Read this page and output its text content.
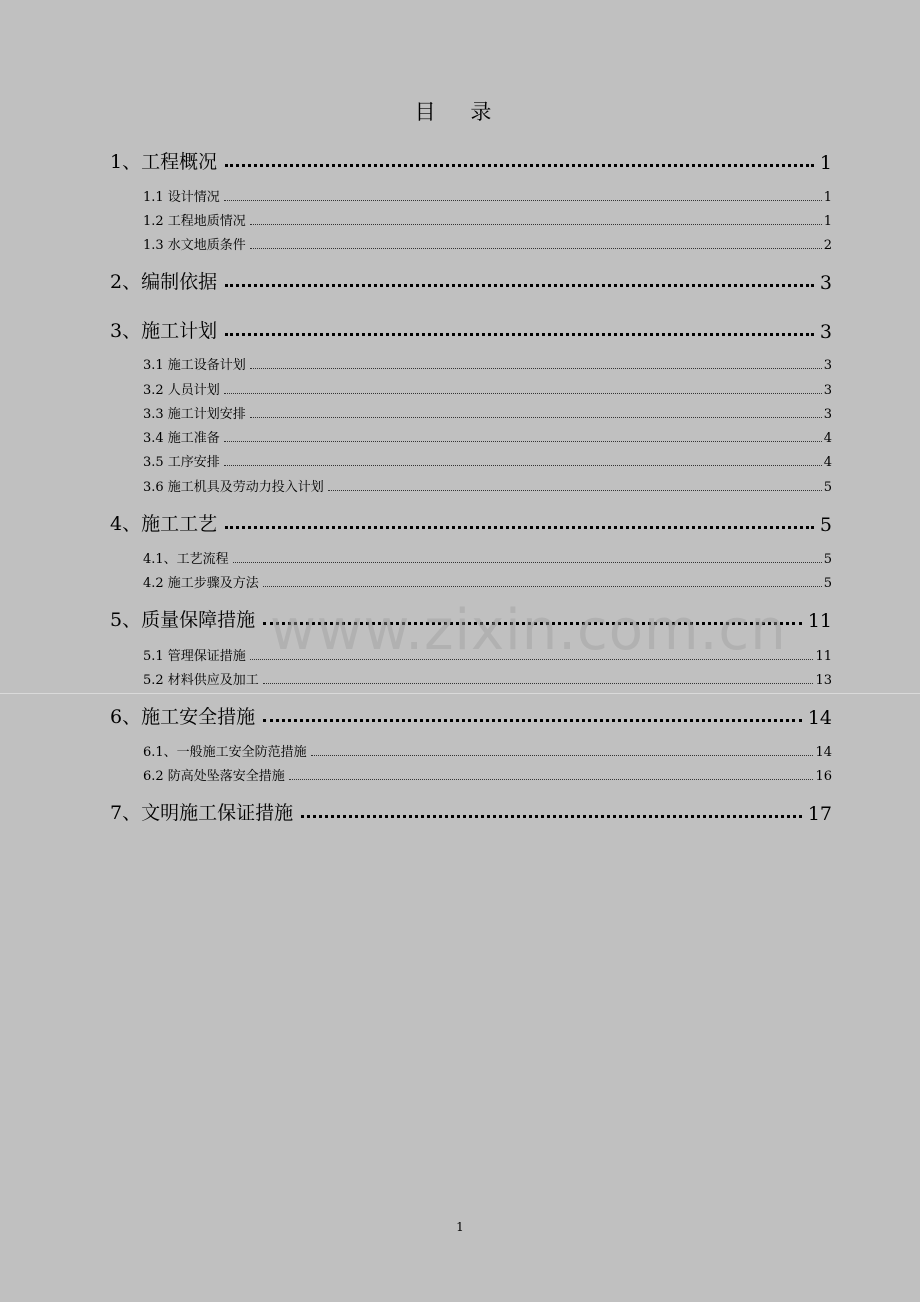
目 录
1、工程概况	1
1.1 设计情况	1
1.2 工程地质情况	1
1.3 水文地质条件	2
2、编制依据	3
3、施工计划	3
3.1 施工设备计划	3
3.2 人员计划	3
3.3 施工计划安排	3
3.4 施工准备	4
3.5 工序安排	4
3.6 施工机具及劳动力投入计划	5
4、施工工艺	5
4.1、工艺流程	5
4.2 施工步骤及方法	5
5、质量保障措施	11
5.1 管理保证措施	11
5.2 材料供应及加工	13
6、施工安全措施	14
6.1、一般施工安全防范措施	14
6.2 防高处坠落安全措施	16
7、文明施工保证措施	17
www.zixin.com.cn
1
